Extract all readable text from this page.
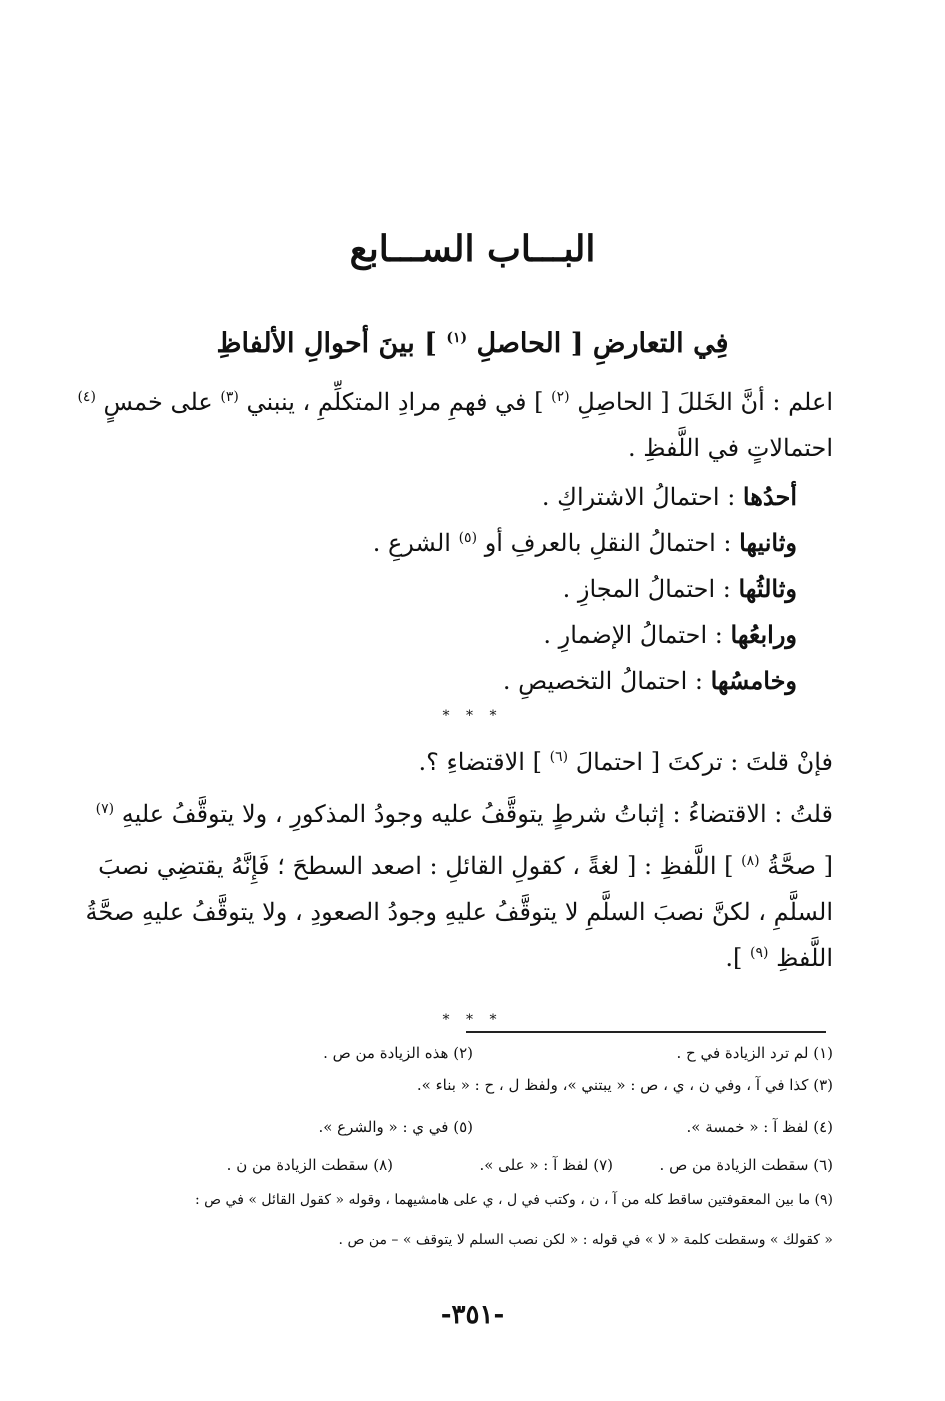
البـــاب الســـابع
فِي التعارضِ [ الحاصلِ $^{(١)}$ ] بينَ أحوالِ الألفاظِ
اعلم : أنَّ الخَللَ [ الحاصِلِ $^{(٢)}$ ] في فهمِ مرادِ المتكلِّمِ ، ينبني $^{(٣)}$ على خمسٍ $^{(٤)}$
احتمالاتٍ في اللَّفظِ .
أحدُها : احتمالُ الاشتراكِ .
وثانيها : احتمالُ النقلِ بالعرفِ أو $^{(٥)}$ الشرعِ .
وثالثُها : احتمالُ المجازِ .
ورابعُها : احتمالُ الإضمارِ .
وخامسُها : احتمالُ التخصيصِ .
* * *
فإنْ قلتَ : تركتَ [ احتمالَ $^{(٦)}$ ] الاقتضاءِ ؟.
قلتُ : الاقتضاءُ : إثباتُ شرطٍ يتوقَّفُ عليه وجودُ المذكورِ ، ولا يتوقَّفُ عليهِ $^{(٧)}$
[ صحَّةُ $^{(٨)}$ ] اللَّفظِ : [ لغةً ، كقولِ القائلِ : اصعد السطحَ ؛ فَإِنَّهُ يقتضِي نصبَ
السلَّمِ ، لكنَّ نصبَ السلَّمِ لا يتوقَّفُ عليهِ وجودُ الصعودِ ، ولا يتوقَّفُ عليهِ صحَّةُ
اللَّفظِ $^{(٩)}$ ].
* * *
(١) لم ترد الزيادة في ح .
(٢) هذه الزيادة من ص .
(٣) كذا في آ ، وفي ن ، ي ، ص : « يبتني »، ولفظ ل ، ح : « بناء ».
(٤) لفظ آ : « خمسة ».
(٥) في ي : « والشرع ».
(٦) سقطت الزيادة من ص .
(٧) لفظ آ : « على ».
(٨) سقطت الزيادة من ن .
(٩) ما بين المعقوفتين ساقط كله من آ ، ن ، وكتب في ل ، ي على هامشيهما ، وقوله « كقول القائل » في ص :
« كقولك » وسقطت كلمة « لا » في قوله : « لكن نصب السلم لا يتوقف » – من ص .
-٣٥١-
